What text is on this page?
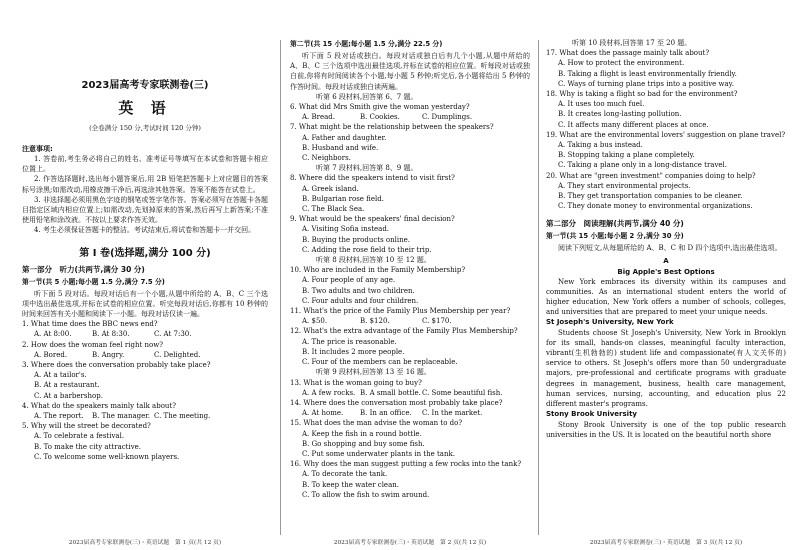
2023届高考专家联测卷(三)
英 语
(全卷满分 150 分,考试时间 120 分钟)
注意事项:
1. 答卷前,考生务必将自己的姓名、准考证号等填写在本试卷和答题卡相应位置上。
2. 作答选择题时,选出每小题答案后,用 2B 铅笔把答题卡上对应题目的答案标号涂黑;如需改动,用橡皮擦干净后,再选涂其他答案。答案不能答在试卷上。
3. 非选择题必须用黑色字迹的钢笔或签字笔作答。答案必须写在答题卡各题目指定区域内相应位置上;如需改动,先划掉原来的答案,然后再写上新答案;不准使用铅笔和涂改液。不按以上要求作答无效。
4. 考生必须保证答题卡的整洁。考试结束后,将试卷和答题卡一并交回。
第 Ⅰ 卷(选择题,满分 100 分)
第一部分　听力(共两节,满分 30 分)
第一节(共 5 小题;每小题 1.5 分,满分 7.5 分)
听下面 5 段对话。每段对话后有一个小题,从题中所给的 A、B、C 三个选项中选出最佳选项,并标在试卷的相应位置。听完每段对话后,你都有 10 秒钟的时间来回答有关小题和阅读下一小题。每段对话仅读一遍。
1. What time does the BBC news end?
A. At 8:00.	B. At 8:30.	C. At 7:30.
2. How does the woman feel right now?
A. Bored.	B. Angry.	C. Delighted.
3. Where does the conversation probably take place?
A. At a tailor's.
B. At a restaurant.
C. At a barbershop.
4. What do the speakers mainly talk about?
A. The report. B. The manager. C. The meeting.
5. Why will the street be decorated?
A. To celebrate a festival.
B. To make the city attractive.
C. To welcome some well-known players.
2023届高考专家联测卷(三)・英语试题　第 1 页(共 12 页)
第二节(共 15 小题;每小题 1.5 分,满分 22.5 分)
听下面 5 段对话或独白。每段对话或独白后有几个小题,从题中所给的 A、B、C 三个选项中选出最佳选项,并标在试卷的相应位置。听每段对话或独白前,你将有时间阅读各个小题,每小题 5 秒钟;听完后,各小题将给出 5 秒钟的作答时间。每段对话或独白读两遍。
听第 6 段材料,回答第 6、7 题。
6. What did Mrs Smith give the woman yesterday?
A. Bread.	B. Cookies.	C. Dumplings.
7. What might be the relationship between the speakers?
A. Father and daughter.
B. Husband and wife.
C. Neighbors.
听第 7 段材料,回答第 8、9 题。
8. Where did the speakers intend to visit first?
A. Greek island.
B. Bulgarian rose field.
C. The Black Sea.
9. What would be the speakers' final decision?
A. Visiting Sofia instead.
B. Buying the products online.
C. Adding the rose field to their trip.
听第 8 段材料,回答第 10 至 12 题。
10. Who are included in the Family Membership?
A. Four people of any age.
B. Two adults and two children.
C. Four adults and four children.
11. What's the price of the Family Plus Membership per year?
A. $50.	B. $120.	C. $170.
12. What's the extra advantage of the Family Plus Membership?
A. The price is reasonable.
B. It includes 2 more people.
C. Four of the members can be replaceable.
听第 9 段材料,回答第 13 至 16 题。
13. What is the woman going to buy?
A. A few rocks. B. A small bottle.C. Some beautiful fish.
14. Where does the conversation most probably take place?
A. At home. B. In an office. C. In the market.
15. What does the man advise the woman to do?
A. Keep the fish in a round bottle.
B. Go shopping and buy some fish.
C. Put some underwater plants in the tank.
16. Why does the man suggest putting a few rocks into the tank?
A. To decorate the tank.
B. To keep the water clean.
C. To allow the fish to swim around.
2023届高考专家联测卷(三)・英语试题　第 2 页(共 12 页)
听第 10 段材料,回答第 17 至 20 题。
17. What does the passage mainly talk about?
A. How to protect the environment.
B. Taking a flight is least environmentally friendly.
C. Ways of turning plane trips into a positive way.
18. Why is taking a flight so bad for the environment?
A. It uses too much fuel.
B. It creates long-lasting pollution.
C. It affects many different places at once.
19. What are the environmental lovers' suggestion on plane travel?
A. Taking a bus instead.
B. Stopping taking a plane completely.
C. Taking a plane only in a long-distance travel.
20. What are "green investment" companies doing to help?
A. They start environmental projects.
B. They get transportation companies to be cleaner.
C. They donate money to environmental organizations.
第二部分　阅读理解(共两节,满分 40 分)
第一节(共 15 小题;每小题 2 分,满分 30 分)
阅读下列短文,从每题所给的 A、B、C 和 D 四个选项中,选出最佳选项。
A
Big Apple's Best Options
New York embraces its diversity within its campuses and communities. As an international student enters the world of higher education, New York offers a number of schools, colleges, and universities that are prepared to meet your unique needs.
St Joseph's University, New York
Students choose St Joseph's University, New York in Brooklyn for its small, hands-on classes, meaningful faculty interaction, vibrant(生机勃勃的) student life and compassionate(有人文关怀的) service to others. St Joseph's offers more than 50 undergraduate majors, pre-professional and certificate programs with graduate degrees in management, business, health care management, human services, nursing, accounting, and education plus 22 different master's programs.
Stony Brook University
Stony Brook University is one of the top public research universities in the US. It is located on the beautiful north shore
2023届高考专家联测卷(三)・英语试题　第 3 页(共 12 页)
